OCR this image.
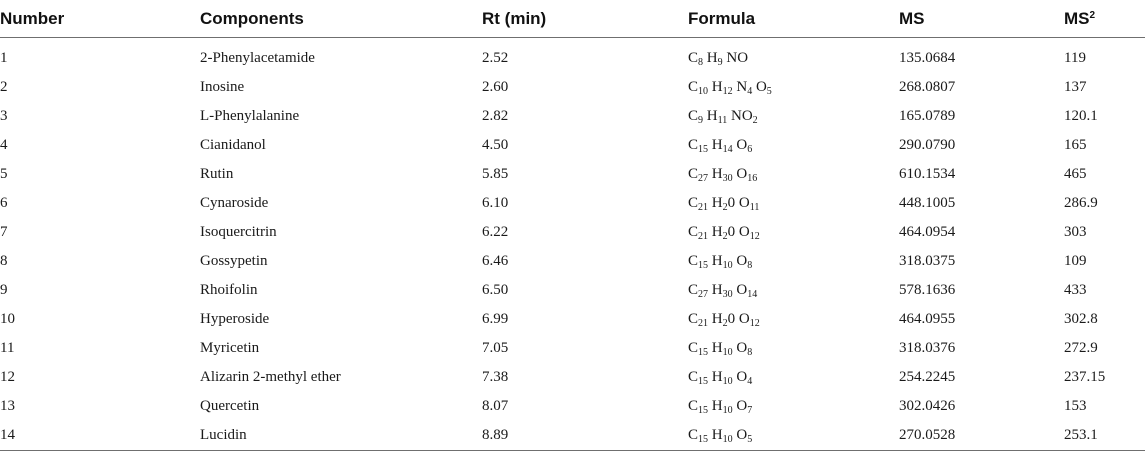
Number	Components	Rt (min)	Formula	MS	$MS^2$
1	2-Phenylacetamide	2.52	$C_8$ $H_9$ NO	135.0684	119
2	Inosine	2.60	$C_{10}$ $H_{12}$ $N_4$ $O_5$	268.0807	137
3	L-Phenylalanine	2.82	$C_9$ $H_{11}$ $NO_2$	165.0789	120.1
4	Cianidanol	4.50	$C_{15}$ $H_{14}$ $O_6$	290.0790	165
5	Rutin	5.85	$C_{27}$ $H_{30}$ $O_{16}$	610.1534	465
6	Cynaroside	6.10	$C_{21}$ $H_20$ $O_{11}$	448.1005	286.9
7	Isoquercitrin	6.22	$C_{21}$ $H_20$ $O_{12}$	464.0954	303
8	Gossypetin	6.46	$C_{15}$ $H_{10}$ $O_8$	318.0375	109
9	Rhoifolin	6.50	$C_{27}$ $H_{30}$ $O_{14}$	578.1636	433
10	Hyperoside	6.99	$C_{21}$ $H_20$ $O_{12}$	464.0955	302.8
11	Myricetin	7.05	$C_{15}$ $H_{10}$ $O_8$	318.0376	272.9
12	Alizarin 2-methyl ether	7.38	$C_{15}$ $H_{10}$ $O_4$	254.2245	237.15
13	Quercetin	8.07	$C_{15}$ $H_{10}$ $O_7$	302.0426	153
14	Lucidin	8.89	$C_{15}$ $H_{10}$ $O_5$	270.0528	253.1
